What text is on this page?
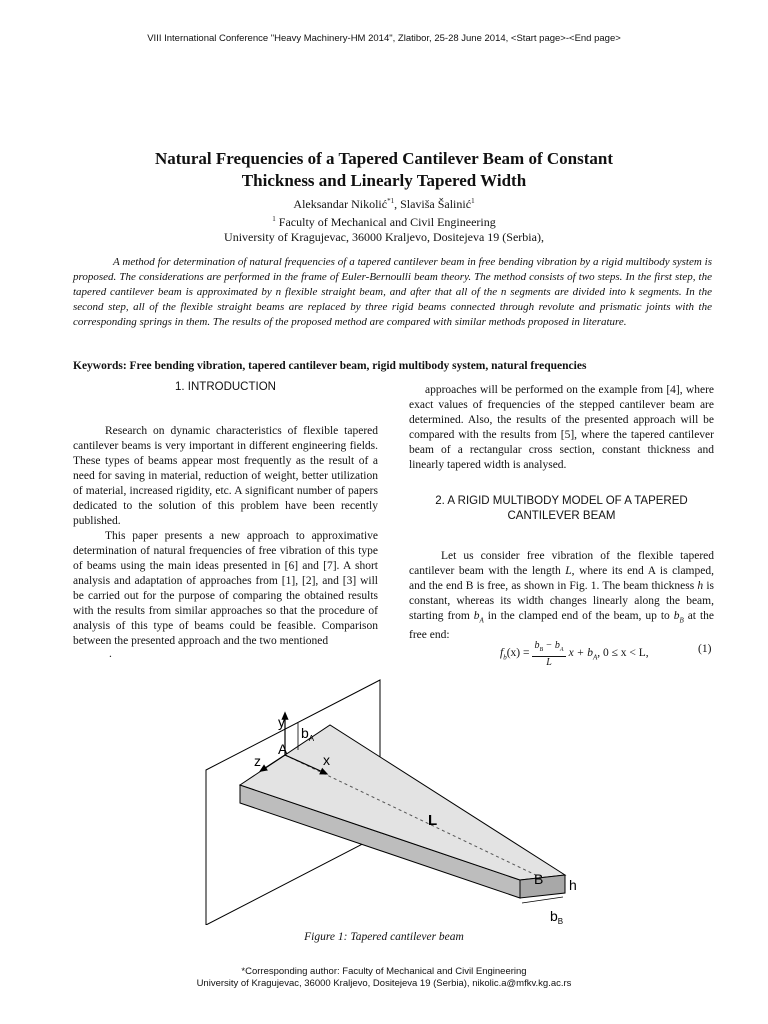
VIII International Conference "Heavy Machinery-HM 2014", Zlatibor, 25-28 June 2014, <Start page>-<End page>
Natural Frequencies of a Tapered Cantilever Beam of Constant
Thickness and Linearly Tapered Width
Aleksandar Nikolić$^{*1}$, Slaviša Šalinić$^1$
$^1$ Faculty of Mechanical and Civil Engineering
University of Kragujevac, 36000 Kraljevo, Dositejeva 19 (Serbia),

A method for determination of natural frequencies of a tapered cantilever beam in free bending vibration by a rigid multibody system is proposed. The considerations are performed in the frame of Euler-Bernoulli beam theory. The method consists of two steps. In the first step, the tapered cantilever beam is approximated by n flexible straight beam, and after that all of the n segments are divided into k segments. In the second step, all of the flexible straight beams are replaced by three rigid beams connected through revolute and prismatic joints with the corresponding springs in them. The results of the proposed method are compared with similar methods proposed in literature.

Keywords: Free bending vibration, tapered cantilever beam, rigid multibody system, natural frequencies
1. INTRODUCTION

Research on dynamic characteristics of flexible tapered cantilever beams is very important in different engineering fields. These types of beams appear most frequently as the result of a need for saving in material, reduction of weight, better utilization of material, increased rigidity, etc. A significant number of papers dedicated to the solution of this problem have been recently published.

This paper presents a new approach to approximative determination of natural frequencies of free vibration of this type of beams using the main ideas presented in [6] and [7]. A short analysis and adaptation of approaches from [1], [2], and [3] will be carried out for the purpose of comparing the obtained results with the results from similar approaches so that the procedure of analysis of this type of beams could be feasible. Comparison between the presented approach and the two mentioned

.

approaches will be performed on the example from [4], where exact values of frequencies of the stepped cantilever beam are determined. Also, the results of the presented approach will be compared with the results from [5], where the tapered cantilever beam of a rectangular cross section, constant thickness and linearly tapered width is analysed.

2. A RIGID MULTIBODY MODEL OF A TAPERED
CANTILEVER BEAM

Let us consider free vibration of the flexible tapered cantilever beam with the length L, where its end A is clamped, and the end B is free, as shown in Fig. 1. The beam thickness h is constant, whereas its width changes linearly along the beam, starting from $b_A$ in the clamped end of the beam, up to $b_B$ at the free end:

$f_b(x) = \frac{b_B - b_A}{L}$ $x + b_A$, 0 ≤ x < L,	(1)
y
$b_A$
A
z	x
L
B h
$b_B$
Figure 1: Tapered cantilever beam
*Corresponding author: Faculty of Mechanical and Civil Engineering
University of Kragujevac, 36000 Kraljevo, Dositejeva 19 (Serbia), nikolic.a@mfkv.kg.ac.rs
